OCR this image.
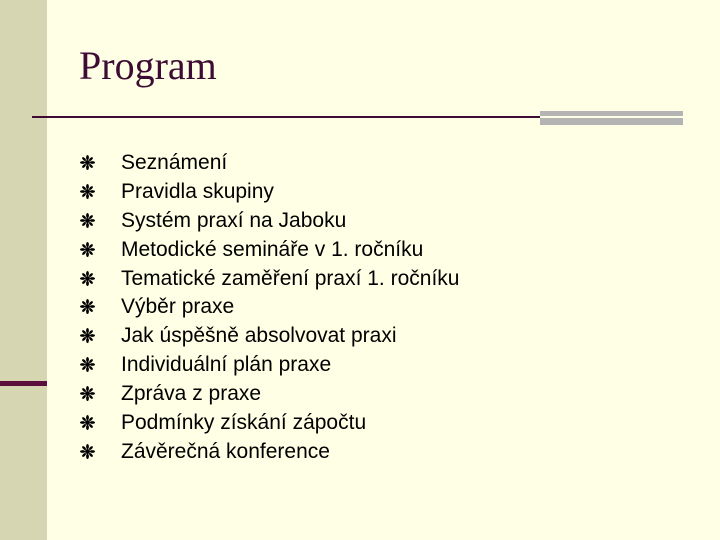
Program
Seznámení
Pravidla skupiny
Systém praxí na Jaboku
Metodické semináře v 1. ročníku
Tematické zaměření praxí 1. ročníku
Výběr praxe
Jak úspěšně absolvovat praxi
Individuální plán praxe
Zpráva z praxe
Podmínky získání zápočtu
Závěrečná konference
